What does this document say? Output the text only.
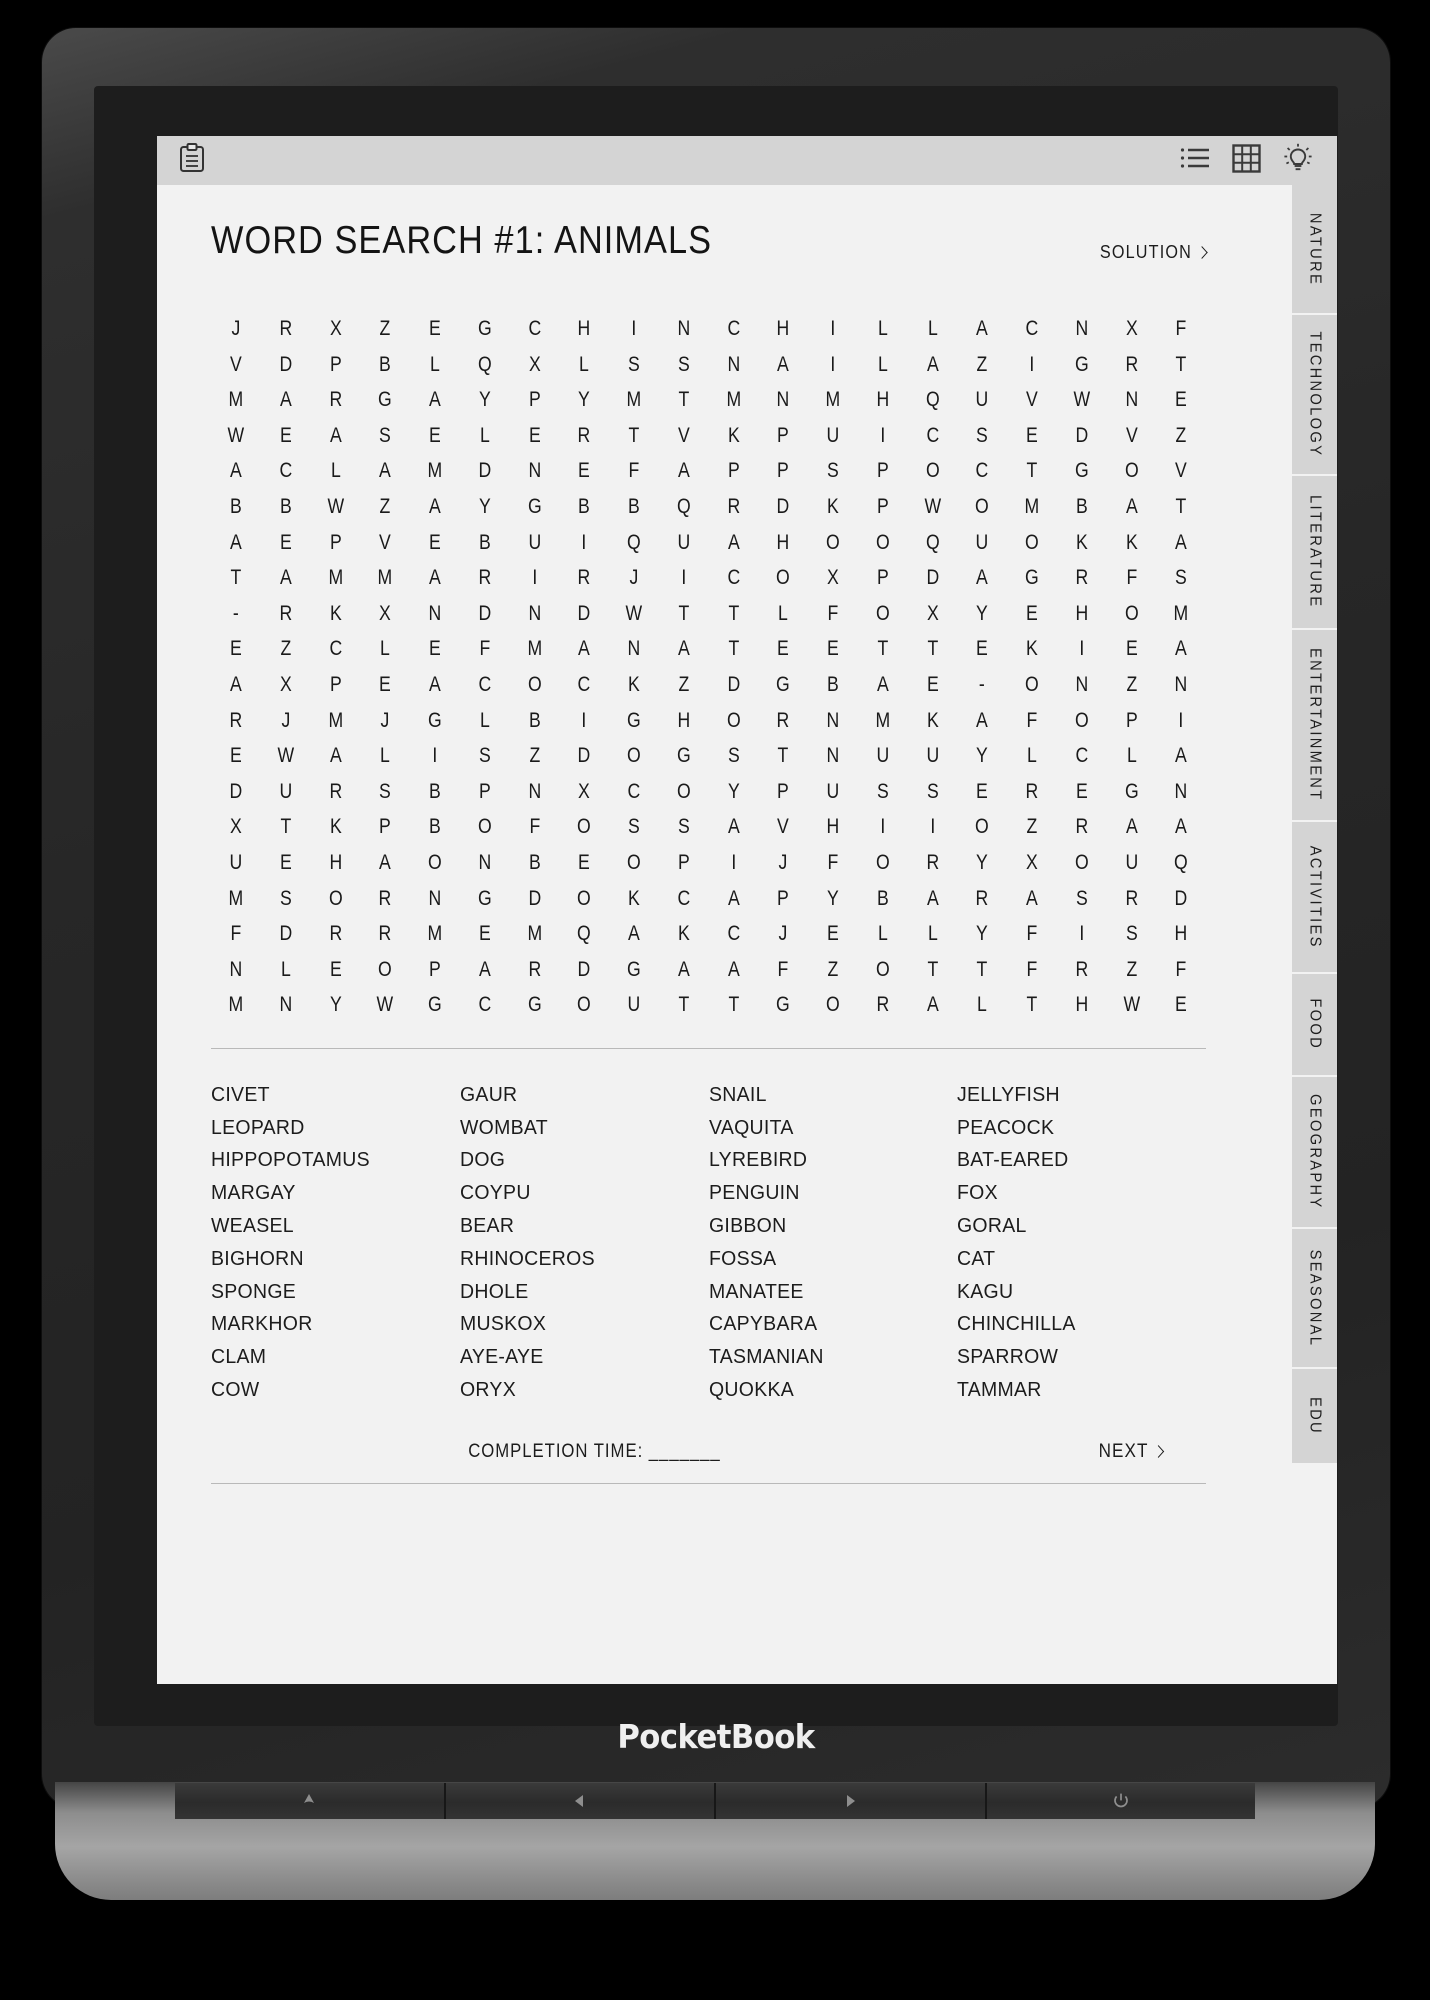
WORD SEARCH #1: ANIMALS	SOLUTION
J	R	X	Z	E	G	C	H	I	N	C	H	I	L	L	A	C	N	X	F
V	D	P	B	L	Q	X	L	S	S	N	A	I	L	A	Z	I	G	R	T
M	A	R	G	A	Y	P	Y	M	T	M	N	M	H	Q	U	V	W	N	E
W	E	A	S	E	L	E	R	T	V	K	P	U	I	C	S	E	D	V	Z
A	C	L	A	M	D	N	E	F	A	P	P	S	P	O	C	T	G	O	V
B	B	W	Z	A	Y	G	B	B	Q	R	D	K	P	W	O	M	B	A	T
A	E	P	V	E	B	U	I	Q	U	A	H	O	O	Q	U	O	K	K	A
T	A	M	M	A	R	I	R	J	I	C	O	X	P	D	A	G	R	F	S
-	R	K	X	N	D	N	D	W	T	T	L	F	O	X	Y	E	H	O	M
E	Z	C	L	E	F	M	A	N	A	T	E	E	T	T	E	K	I	E	A
A	X	P	E	A	C	O	C	K	Z	D	G	B	A	E	-	O	N	Z	N
R	J	M	J	G	L	B	I	G	H	O	R	N	M	K	A	F	O	P	I
E	W	A	L	I	S	Z	D	O	G	S	T	N	U	U	Y	L	C	L	A
D	U	R	S	B	P	N	X	C	O	Y	P	U	S	S	E	R	E	G	N
X	T	K	P	B	O	F	O	S	S	A	V	H	I	I	O	Z	R	A	A
U	E	H	A	O	N	B	E	O	P	I	J	F	O	R	Y	X	O	U	Q
M	S	O	R	N	G	D	O	K	C	A	P	Y	B	A	R	A	S	R	D
F	D	R	R	M	E	M	Q	A	K	C	J	E	L	L	Y	F	I	S	H
N	L	E	O	P	A	R	D	G	A	A	F	Z	O	T	T	F	R	Z	F
M	N	Y	W	G	C	G	O	U	T	T	G	O	R	A	L	T	H	W	E
CIVET
LEOPARD
HIPPOPOTAMUS
MARGAY
WEASEL
BIGHORN
SPONGE
MARKHOR
CLAM
COW
GAUR
WOMBAT
DOG
COYPU
BEAR
RHINOCEROS
DHOLE
MUSKOX
AYE-AYE
ORYX
SNAIL
VAQUITA
LYREBIRD
PENGUIN
GIBBON
FOSSA
MANATEE
CAPYBARA
TASMANIAN
QUOKKA
JELLYFISH
PEACOCK
BAT-EARED
FOX
GORAL
CAT
KAGU
CHINCHILLA
SPARROW
TAMMAR
COMPLETION TIME: _______	NEXT
NATURE
TECHNOLOGY
LITERATURE
ENTERTAINMENT
ACTIVITIES
FOOD
GEOGRAPHY
SEASONAL
EDU
PocketBook
